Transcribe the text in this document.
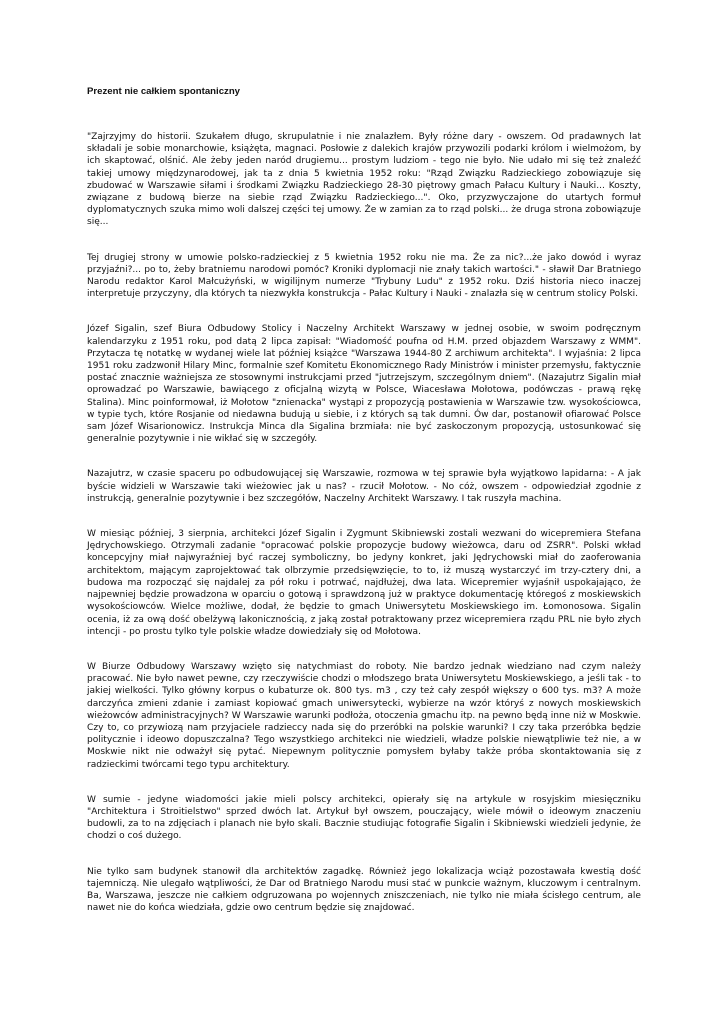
Prezent nie całkiem spontaniczny

"Zajrzyjmy do historii. Szukałem długo, skrupulatnie i nie znalazłem. Były różne dary - owszem. Od pradawnych lat składali je sobie monarchowie, książęta, magnaci. Posłowie z dalekich krajów przywozili podarki królom i wielmożom, by ich skaptować, olśnić. Ale żeby jeden naród drugiemu... prostym ludziom - tego nie było. Nie udało mi się też znaleźć takiej umowy międzynarodowej, jak ta z dnia 5 kwietnia 1952 roku: "Rząd Związku Radzieckiego zobowiązuje się zbudować w Warszawie siłami i środkami Związku Radzieckiego 28-30 piętrowy gmach Pałacu Kultury i Nauki... Koszty, związane z budową bierze na siebie rząd Związku Radzieckiego...". Oko, przyzwyczajone do utartych formuł dyplomatycznych szuka mimo woli dalszej części tej umowy. Że w zamian za to rząd polski... że druga strona zobowiązuje się...

Tej drugiej strony w umowie polsko-radzieckiej z 5 kwietnia 1952 roku nie ma. Że za nic?...że jako dowód i wyraz przyjaźni?... po to, żeby bratniemu narodowi pomóc? Kroniki dyplomacji nie znały takich wartości." - sławił Dar Bratniego Narodu redaktor Karol Małcużyński, w wigilijnym numerze "Trybuny Ludu" z 1952 roku. Dziś historia nieco inaczej interpretuje przyczyny, dla których ta niezwykła konstrukcja - Pałac Kultury i Nauki - znalazła się w centrum stolicy Polski.

Józef Sigalin, szef Biura Odbudowy Stolicy i Naczelny Architekt Warszawy w jednej osobie, w swoim podręcznym kalendarzyku z 1951 roku, pod datą 2 lipca zapisał: "Wiadomość poufna od H.M. przed objazdem Warszawy z WMM". Przytacza tę notatkę w wydanej wiele lat później książce "Warszawa 1944-80 Z archiwum architekta". I wyjaśnia: 2 lipca 1951 roku zadzwonił Hilary Minc, formalnie szef Komitetu Ekonomicznego Rady Ministrów i minister przemysłu, faktycznie postać znacznie ważniejsza ze stosownymi instrukcjami przed "jutrzejszym, szczególnym dniem". (Nazajutrz Sigalin miał oprowadzać po Warszawie, bawiącego z oficjalną wizytą w Polsce, Wiacesława Mołotowa, podówczas - prawą rękę Stalina). Minc poinformował, iż Mołotow "znienacka" wystąpi z propozycją postawienia w Warszawie tzw. wysokościowca, w typie tych, które Rosjanie od niedawna budują u siebie, i z których są tak dumni. Ów dar, postanowił ofiarować Polsce sam Józef Wisarionowicz. Instrukcja Minca dla Sigalina brzmiała: nie być zaskoczonym propozycją, ustosunkować się generalnie pozytywnie i nie wikłać się w szczegóły.

Nazajutrz, w czasie spaceru po odbudowującej się Warszawie, rozmowa w tej sprawie była wyjątkowo lapidarna: - A jak byście widzieli w Warszawie taki wieżowiec jak u nas? - rzucił Mołotow. - No cóż, owszem - odpowiedział zgodnie z instrukcją, generalnie pozytywnie i bez szczegółów, Naczelny Architekt Warszawy. I tak ruszyła machina.

W miesiąc później, 3 sierpnia, architekci Józef Sigalin i Zygmunt Skibniewski zostali wezwani do wicepremiera Stefana Jędrychowskiego. Otrzymali zadanie "opracować polskie propozycje budowy wieżowca, daru od ZSRR". Polski wkład koncepcyjny miał najwyraźniej być raczej symboliczny, bo jedyny konkret, jaki Jędrychowski miał do zaoferowania architektom, mającym zaprojektować tak olbrzymie przedsięwzięcie, to to, iż muszą wystarczyć im trzy-cztery dni, a budowa ma rozpocząć się najdalej za pół roku i potrwać, najdłużej, dwa lata. Wicepremier wyjaśnił uspokajająco, że najpewniej będzie prowadzona w oparciu o gotową i sprawdzoną już w praktyce dokumentację któregoś z moskiewskich wysokościowców. Wielce możliwe, dodał, że będzie to gmach Uniwersytetu Moskiewskiego im. Łomonosowa. Sigalin ocenia, iż za ową dość obelżywą lakonicznością, z jaką został potraktowany przez wicepremiera rządu PRL nie było złych intencji - po prostu tylko tyle polskie władze dowiedziały się od Mołotowa.

W Biurze Odbudowy Warszawy wzięto się natychmiast do roboty. Nie bardzo jednak wiedziano nad czym należy pracować. Nie było nawet pewne, czy rzeczywiście chodzi o młodszego brata Uniwersytetu Moskiewskiego, a jeśli tak - to jakiej wielkości. Tylko główny korpus o kubaturze ok. 800 tys. m3 , czy też cały zespół większy o 600 tys. m3? A może darczyńca zmieni zdanie i zamiast kopiować gmach uniwersytecki, wybierze na wzór któryś z nowych moskiewskich wieżowców administracyjnych? W Warszawie warunki podłoża, otoczenia gmachu itp. na pewno będą inne niż w Moskwie. Czy to, co przywiozą nam przyjaciele radzieccy nada się do przeróbki na polskie warunki? I czy taka przeróbka będzie politycznie i ideowo dopuszczalna? Tego wszystkiego architekci nie wiedzieli, władze polskie niewątpliwie też nie, a w Moskwie nikt nie odważył się pytać. Niepewnym politycznie pomysłem byłaby także próba skontaktowania się z radzieckimi twórcami tego typu architektury.

W sumie - jedyne wiadomości jakie mieli polscy architekci, opierały się na artykule w rosyjskim miesięczniku "Architektura i Stroitielstwo" sprzed dwóch lat. Artykuł był owszem, pouczający, wiele mówił o ideowym znaczeniu budowli, za to na zdjęciach i planach nie było skali. Bacznie studiując fotografie Sigalin i Skibniewski wiedzieli jedynie, że chodzi o coś dużego.

Nie tylko sam budynek stanowił dla architektów zagadkę. Również jego lokalizacja wciąż pozostawała kwestią dość tajemniczą. Nie ulegało wątpliwości, że Dar od Bratniego Narodu musi stać w punkcie ważnym, kluczowym i centralnym. Ba, Warszawa, jeszcze nie całkiem odgruzowana po wojennych zniszczeniach, nie tylko nie miała ścisłego centrum, ale nawet nie do końca wiedziała, gdzie owo centrum będzie się znajdować.
